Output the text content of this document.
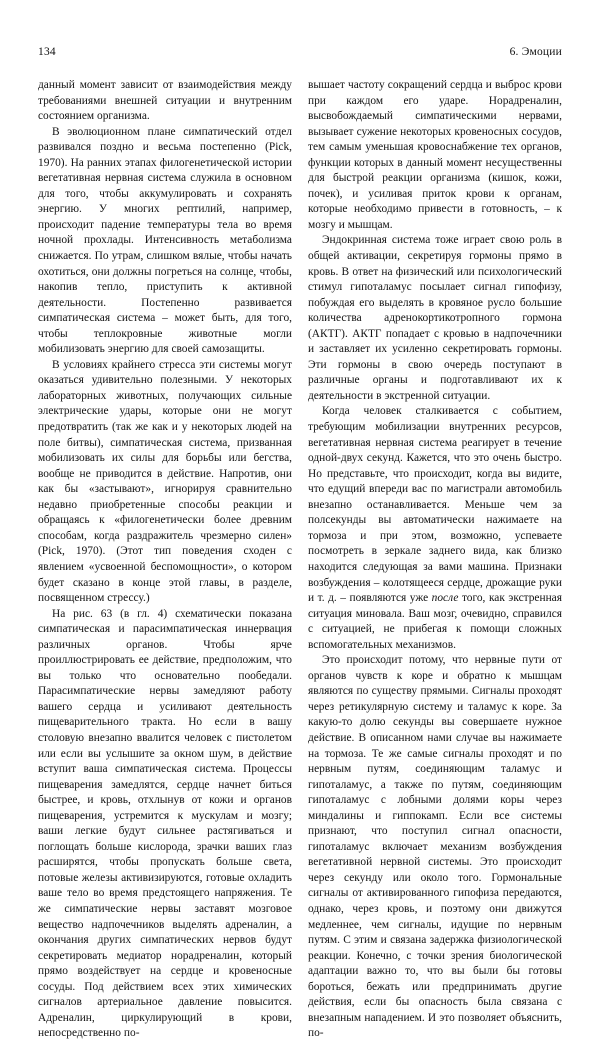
134	6. Эмоции

данный момент зависит от взаимодействия между требованиями внешней ситуации и внутренним состоянием организма.

В эволюционном плане симпатический отдел развивался поздно и весьма постепенно (Pick, 1970). На ранних этапах филогенетической истории вегетативная нервная система служила в основном для того, чтобы аккумулировать и сохранять энергию. У многих рептилий, например, происходит падение температуры тела во время ночной прохлады. Интенсивность метаболизма снижается. По утрам, слишком вялые, чтобы начать охотиться, они должны погреться на солнце, чтобы, накопив тепло, приступить к активной деятельности. Постепенно развивается симпатическая система – может быть, для того, чтобы теплокровные животные могли мобилизовать энергию для своей самозащиты.

В условиях крайнего стресса эти системы могут оказаться удивительно полезными. У некоторых лабораторных животных, получающих сильные электрические удары, которые они не могут предотвратить (так же как и у некоторых людей на поле битвы), симпатическая система, призванная мобилизовать их силы для борьбы или бегства, вообще не приводится в действие. Напротив, они как бы «застывают», игнорируя сравнительно недавно приобретенные способы реакции и обращаясь к «филогенетически более древним способам, когда раздражитель чрезмерно силен» (Pick, 1970). (Этот тип поведения сходен с явлением «усвоенной беспомощности», о котором будет сказано в конце этой главы, в разделе, посвященном стрессу.)

На рис. 63 (в гл. 4) схематически показана симпатическая и парасимпатическая иннервация различных органов. Чтобы ярче проиллюстрировать ее действие, предположим, что вы только что основательно пообедали. Парасимпатические нервы замедляют работу вашего сердца и усиливают деятельность пищеварительного тракта. Но если в вашу столовую внезапно ввалится человек с пистолетом или если вы услышите за окном шум, в действие вступит ваша симпатическая система. Процессы пищеварения замедлятся, сердце начнет биться быстрее, и кровь, отхлынув от кожи и органов пищеварения, устремится к мускулам и мозгу; ваши легкие будут сильнее растягиваться и поглощать больше кислорода, зрачки ваших глаз расширятся, чтобы пропускать больше света, потовые железы активизируются, готовые охладить ваше тело во время предстоящего напряжения. Те же симпатические нервы заставят мозговое вещество надпочечников выделять адреналин, а окончания других симпатических нервов будут секретировать медиатор норадреналин, который прямо воздействует на сердце и кровеносные сосуды. Под действием всех этих химических сигналов артериальное давление повысится. Адреналин, циркулирующий в крови, непосредственно по-

вышает частоту сокращений сердца и выброс крови при каждом его ударе. Норадреналин, высвобождаемый симпатическими нервами, вызывает сужение некоторых кровеносных сосудов, тем самым уменьшая кровоснабжение тех органов, функции которых в данный момент несущественны для быстрой реакции организма (кишок, кожи, почек), и усиливая приток крови к органам, которые необходимо привести в готовность, – к мозгу и мышцам.

Эндокринная система тоже играет свою роль в общей активации, секретируя гормоны прямо в кровь. В ответ на физический или психологический стимул гипоталамус посылает сигнал гипофизу, побуждая его выделять в кровяное русло большие количества адренокортикотропного гормона (АКТГ). АКТГ попадает с кровью в надпочечники и заставляет их усиленно секретировать гормоны. Эти гормоны в свою очередь поступают в различные органы и подготавливают их к деятельности в экстренной ситуации.

Когда человек сталкивается с событием, требующим мобилизации внутренних ресурсов, вегетативная нервная система реагирует в течение одной-двух секунд. Кажется, что это очень быстро. Но представьте, что происходит, когда вы видите, что едущий впереди вас по магистрали автомобиль внезапно останавливается. Меньше чем за полсекунды вы автоматически нажимаете на тормоза и при этом, возможно, успеваете посмотреть в зеркале заднего вида, как близко находится следующая за вами машина. Признаки возбуждения – колотящееся сердце, дрожащие руки и т. д. – появляются уже после того, как экстренная ситуация миновала. Ваш мозг, очевидно, справился с ситуацией, не прибегая к помощи сложных вспомогательных механизмов.

Это происходит потому, что нервные пути от органов чувств к коре и обратно к мышцам являются по существу прямыми. Сигналы проходят через ретикулярную систему и таламус к коре. За какую-то долю секунды вы совершаете нужное действие. В описанном нами случае вы нажимаете на тормоза. Те же самые сигналы проходят и по нервным путям, соединяющим таламус и гипоталамус, а также по путям, соединяющим гипоталамус с лобными долями коры через миндалины и гиппокамп. Если все системы признают, что поступил сигнал опасности, гипоталамус включает механизм возбуждения вегетативной нервной системы. Это происходит через секунду или около того. Гормональные сигналы от активированного гипофиза передаются, однако, через кровь, и поэтому они движутся медленнее, чем сигналы, идущие по нервным путям. С этим и связана задержка физиологической реакции. Конечно, с точки зрения биологической адаптации важно то, что вы были бы готовы бороться, бежать или предпринимать другие действия, если бы опасность была связана с внезапным нападением. И это позволяет объяснить, по-
